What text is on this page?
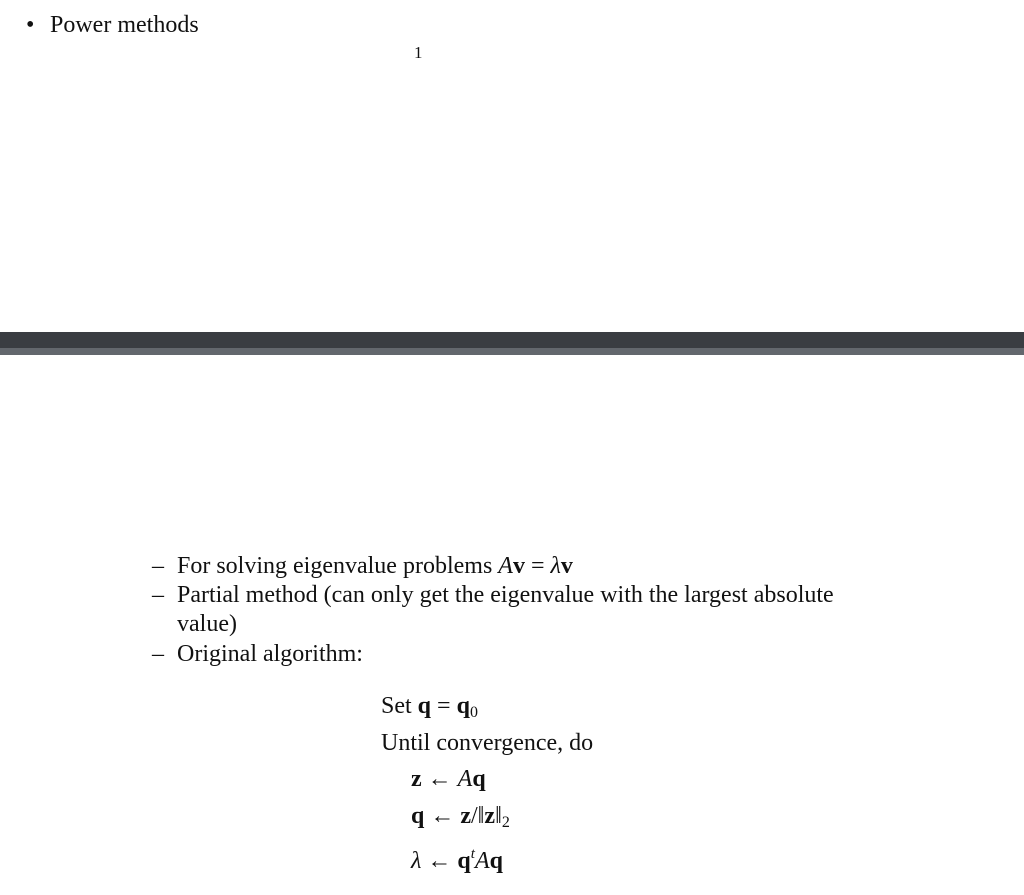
• Power methods
1
– For solving eigenvalue problems Av = λv
– Partial method (can only get the eigenvalue with the largest absolute
value)
– Original algorithm:
Set $q = q_0$
Until convergence, do
z ← Aq
q ← $z/‖z‖_2$
λ ← $q^tAq$
